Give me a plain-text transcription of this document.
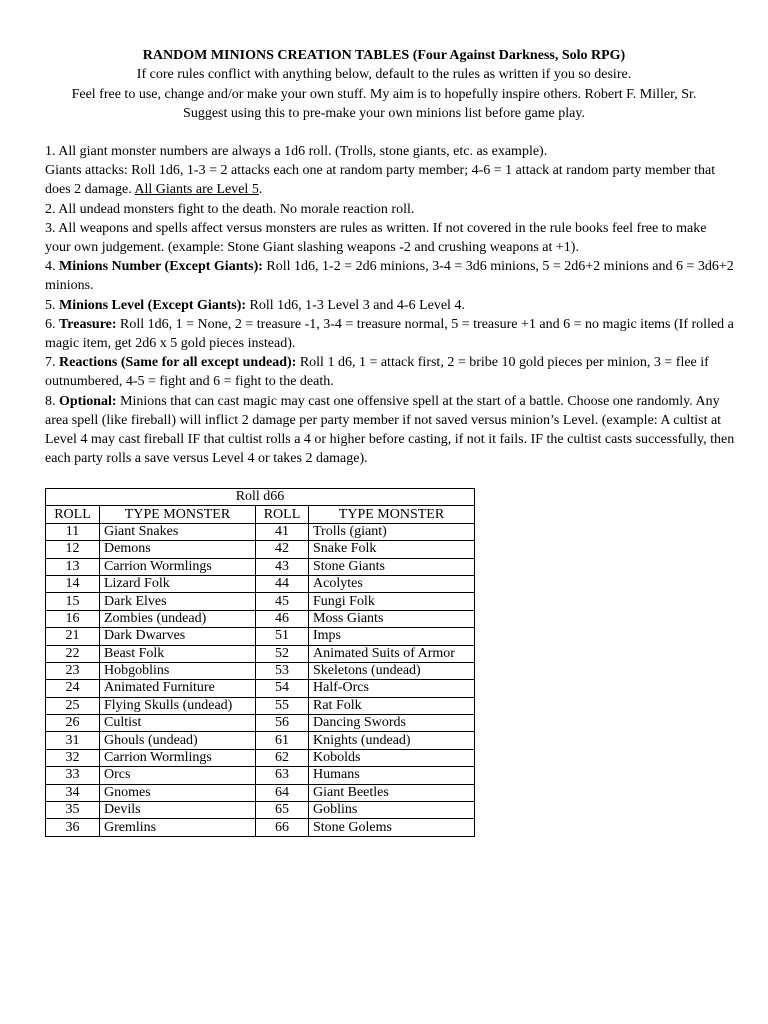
RANDOM MINIONS CREATION TABLES (Four Against Darkness, Solo RPG)
If core rules conflict with anything below, default to the rules as written if you so desire.
Feel free to use, change and/or make your own stuff. My aim is to hopefully inspire others. Robert F. Miller, Sr.
Suggest using this to pre-make your own minions list before game play.

1. All giant monster numbers are always a 1d6 roll. (Trolls, stone giants, etc. as example).

Giants attacks: Roll 1d6, 1-3 = 2 attacks each one at random party member; 4-6 = 1 attack at random party member that does 2 damage. All Giants are Level 5.

2. All undead monsters fight to the death. No morale reaction roll.

3. All weapons and spells affect versus monsters are rules as written. If not covered in the rule books feel free to make your own judgement. (example: Stone Giant slashing weapons -2 and crushing weapons at +1).

4. Minions Number (Except Giants): Roll 1d6, 1-2 = 2d6 minions, 3-4 = 3d6 minions, 5 = 2d6+2 minions and 6 = 3d6+2 minions.

5. Minions Level (Except Giants): Roll 1d6, 1-3 Level 3 and 4-6 Level 4.

6. Treasure: Roll 1d6, 1 = None, 2 = treasure -1, 3-4 = treasure normal, 5 = treasure +1 and 6 = no magic items (If rolled a magic item, get 2d6 x 5 gold pieces instead).

7. Reactions (Same for all except undead): Roll 1 d6, 1 = attack first, 2 = bribe 10 gold pieces per minion, 3 = flee if outnumbered, 4-5 = fight and 6 = fight to the death.

8. Optional: Minions that can cast magic may cast one offensive spell at the start of a battle. Choose one randomly. Any area spell (like fireball) will inflict 2 damage per party member if not saved versus minion’s Level. (example: A cultist at Level 4 may cast fireball IF that cultist rolls a 4 or higher before casting, if not it fails. IF the cultist casts successfully, then each party rolls a save versus Level 4 or takes 2 damage).

Roll d66			
ROLL	TYPE MONSTER	ROLL	TYPE MONSTER
11	Giant Snakes	41	Trolls (giant)
12	Demons	42	Snake Folk
13	Carrion Wormlings	43	Stone Giants
14	Lizard Folk	44	Acolytes
15	Dark Elves	45	Fungi Folk
16	Zombies (undead)	46	Moss Giants
21	Dark Dwarves	51	Imps
22	Beast Folk	52	Animated Suits of Armor
23	Hobgoblins	53	Skeletons (undead)
24	Animated Furniture	54	Half-Orcs
25	Flying Skulls (undead)	55	Rat Folk
26	Cultist	56	Dancing Swords
31	Ghouls (undead)	61	Knights (undead)
32	Carrion Wormlings	62	Kobolds
33	Orcs	63	Humans
34	Gnomes	64	Giant Beetles
35	Devils	65	Goblins
36	Gremlins	66	Stone Golems
